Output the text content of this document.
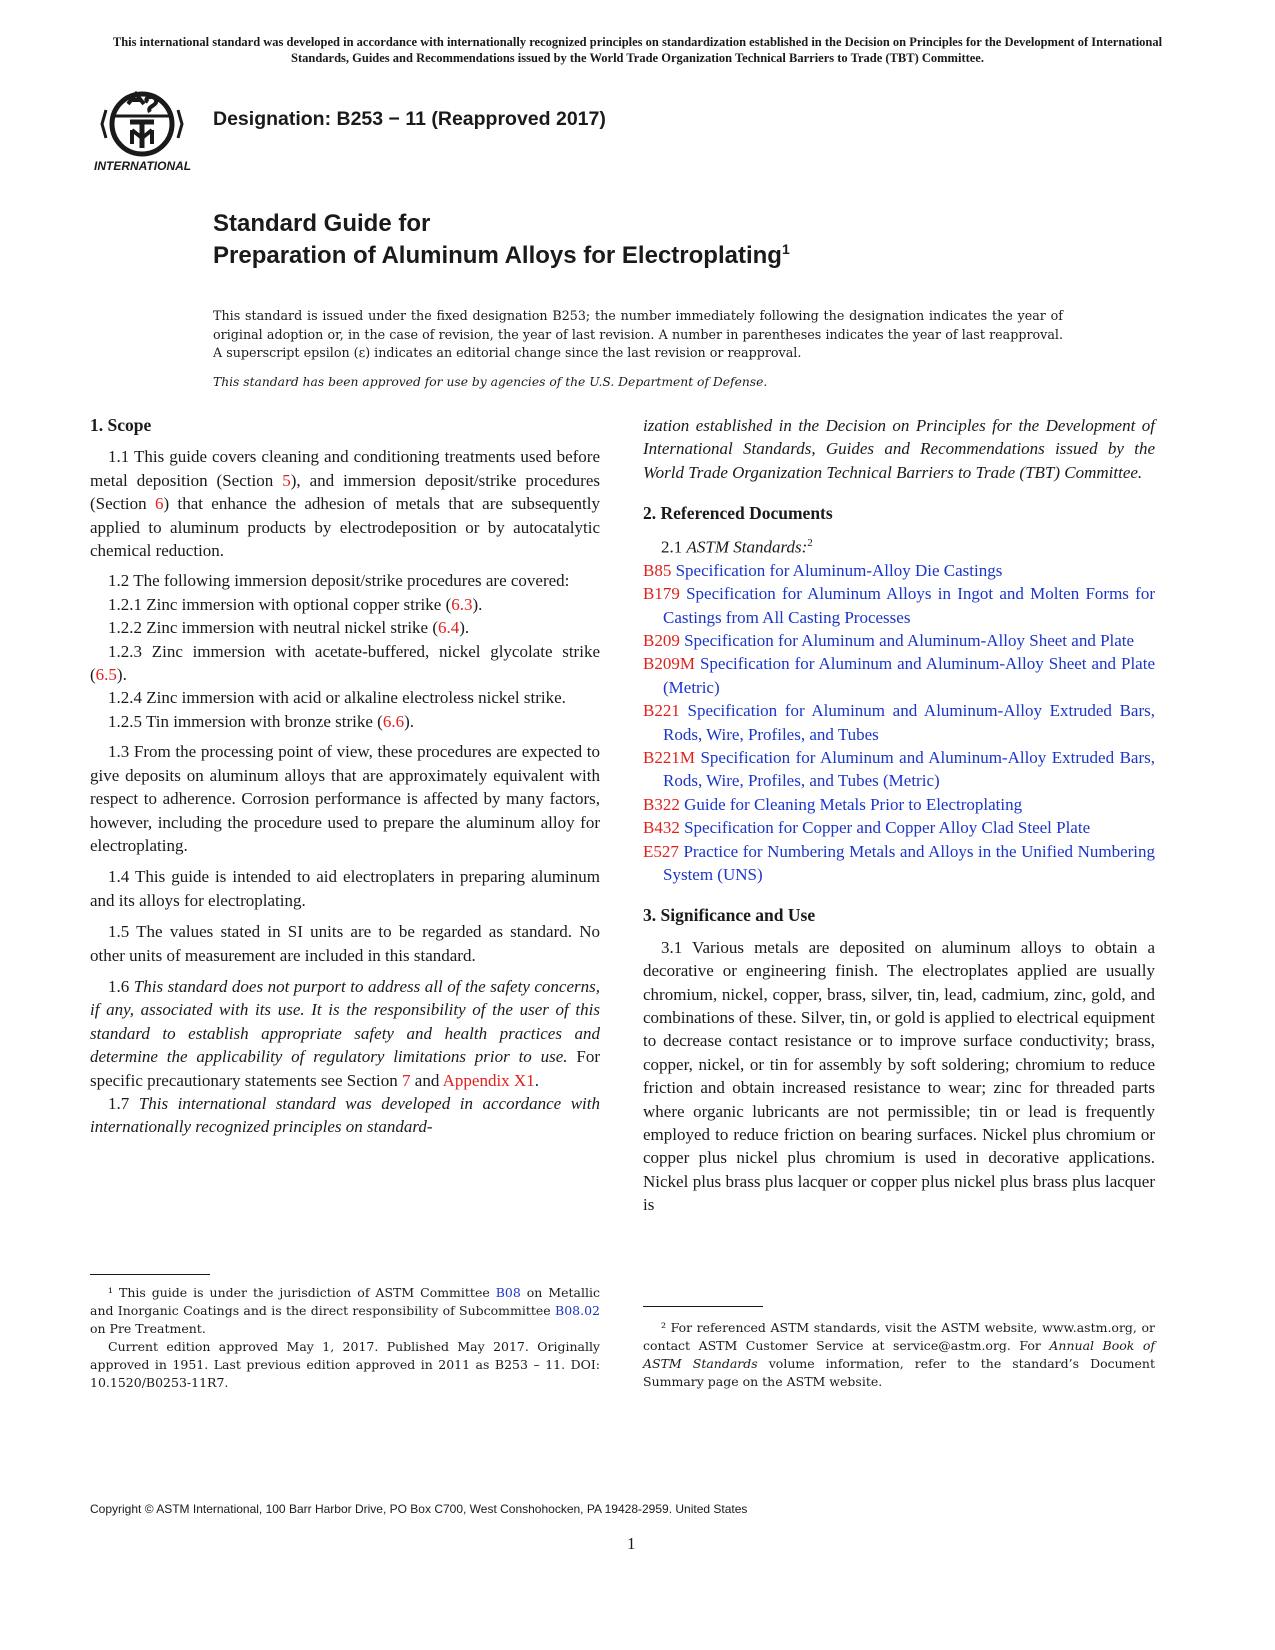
This international standard was developed in accordance with internationally recognized principles on standardization established in the Decision on Principles for the Development of International Standards, Guides and Recommendations issued by the World Trade Organization Technical Barriers to Trade (TBT) Committee.
INTERNATIONAL
Designation: B253 − 11 (Reapproved 2017)
Standard Guide for
Preparation of Aluminum Alloys for Electroplating$^1$
This standard is issued under the fixed designation B253; the number immediately following the designation indicates the year of original adoption or, in the case of revision, the year of last revision. A number in parentheses indicates the year of last reapproval. A superscript epsilon (ε) indicates an editorial change since the last revision or reapproval.
This standard has been approved for use by agencies of the U.S. Department of Defense.
1. Scope

1.1 This guide covers cleaning and conditioning treatments used before metal deposition (Section 5), and immersion deposit/strike procedures (Section 6) that enhance the adhesion of metals that are subsequently applied to aluminum products by electrodeposition or by autocatalytic chemical reduction.

1.2 The following immersion deposit/strike procedures are covered:

1.2.1 Zinc immersion with optional copper strike (6.3).

1.2.2 Zinc immersion with neutral nickel strike (6.4).

1.2.3 Zinc immersion with acetate-buffered, nickel glycolate strike (6.5).

1.2.4 Zinc immersion with acid or alkaline electroless nickel strike.

1.2.5 Tin immersion with bronze strike (6.6).

1.3 From the processing point of view, these procedures are expected to give deposits on aluminum alloys that are approximately equivalent with respect to adherence. Corrosion performance is affected by many factors, however, including the procedure used to prepare the aluminum alloy for electroplating.

1.4 This guide is intended to aid electroplaters in preparing aluminum and its alloys for electroplating.

1.5 The values stated in SI units are to be regarded as standard. No other units of measurement are included in this standard.

1.6 This standard does not purport to address all of the safety concerns, if any, associated with its use. It is the responsibility of the user of this standard to establish appropriate safety and health practices and determine the applicability of regulatory limitations prior to use. For specific precautionary statements see Section 7 and Appendix X1.

1.7 This international standard was developed in accordance with internationally recognized principles on standard-

¹ This guide is under the jurisdiction of ASTM Committee B08 on Metallic and Inorganic Coatings and is the direct responsibility of Subcommittee B08.02 on Pre Treatment.

Current edition approved May 1, 2017. Published May 2017. Originally approved in 1951. Last previous edition approved in 2011 as B253 – 11. DOI: 10.1520/B0253-11R7.

ization established in the Decision on Principles for the Development of International Standards, Guides and Recommendations issued by the World Trade Organization Technical Barriers to Trade (TBT) Committee.

2. Referenced Documents

2.1 ASTM Standards:$^2$

B85 Specification for Aluminum-Alloy Die Castings

B179 Specification for Aluminum Alloys in Ingot and Molten Forms for Castings from All Casting Processes

B209 Specification for Aluminum and Aluminum-Alloy Sheet and Plate

B209M Specification for Aluminum and Aluminum-Alloy Sheet and Plate (Metric)

B221 Specification for Aluminum and Aluminum-Alloy Extruded Bars, Rods, Wire, Profiles, and Tubes

B221M Specification for Aluminum and Aluminum-Alloy Extruded Bars, Rods, Wire, Profiles, and Tubes (Metric)

B322 Guide for Cleaning Metals Prior to Electroplating

B432 Specification for Copper and Copper Alloy Clad Steel Plate

E527 Practice for Numbering Metals and Alloys in the Unified Numbering System (UNS)

3. Significance and Use

3.1 Various metals are deposited on aluminum alloys to obtain a decorative or engineering finish. The electroplates applied are usually chromium, nickel, copper, brass, silver, tin, lead, cadmium, zinc, gold, and combinations of these. Silver, tin, or gold is applied to electrical equipment to decrease contact resistance or to improve surface conductivity; brass, copper, nickel, or tin for assembly by soft soldering; chromium to reduce friction and obtain increased resistance to wear; zinc for threaded parts where organic lubricants are not permissible; tin or lead is frequently employed to reduce friction on bearing surfaces. Nickel plus chromium or copper plus nickel plus chromium is used in decorative applications. Nickel plus brass plus lacquer or copper plus nickel plus brass plus lacquer is

² For referenced ASTM standards, visit the ASTM website, www.astm.org, or contact ASTM Customer Service at service@astm.org. For Annual Book of ASTM Standards volume information, refer to the standard’s Document Summary page on the ASTM website.

Copyright © ASTM International, 100 Barr Harbor Drive, PO Box C700, West Conshohocken, PA 19428-2959. United States
1
